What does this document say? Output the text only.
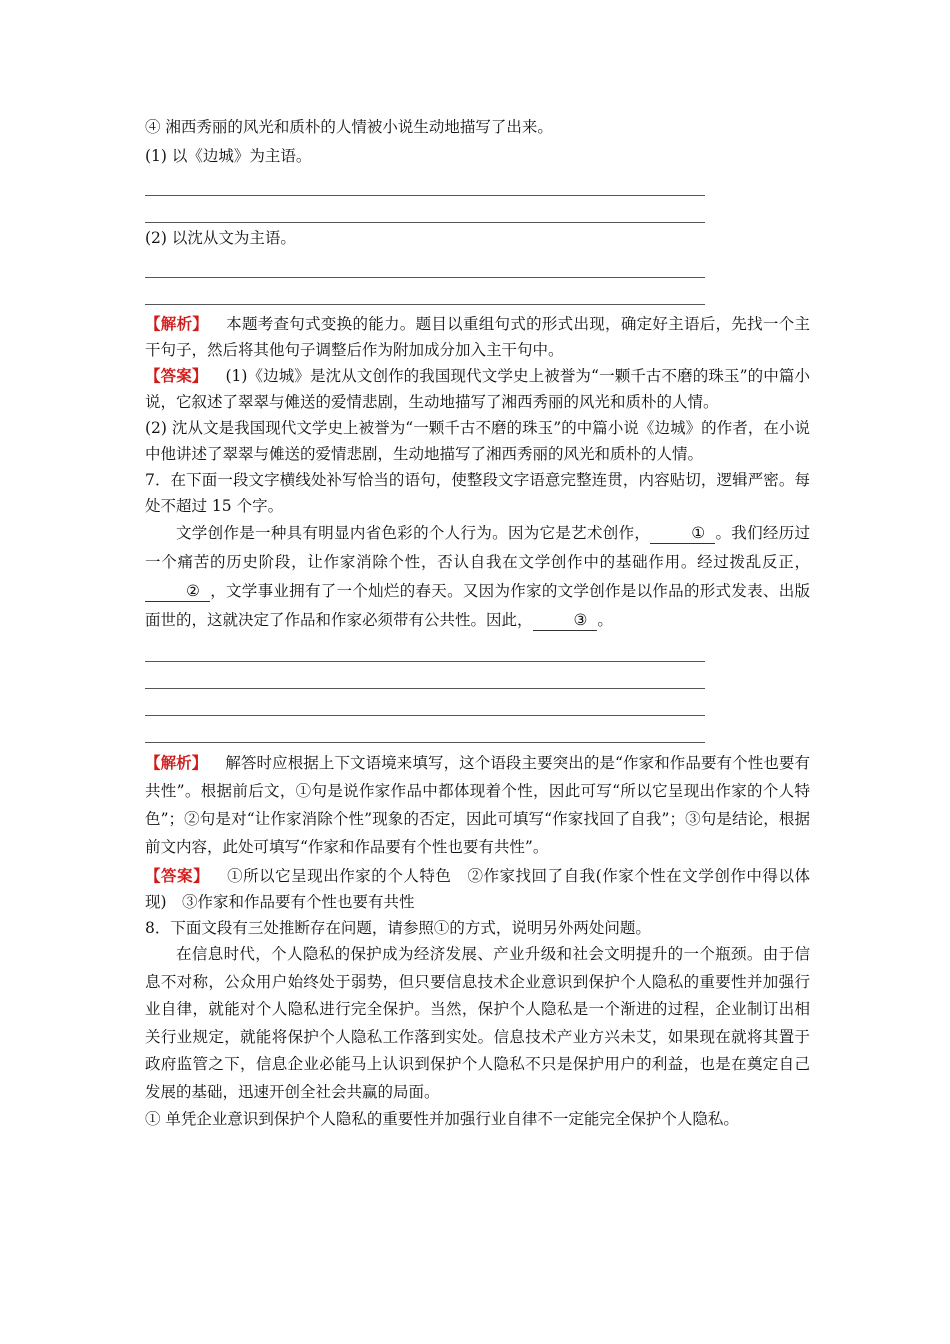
④ 湘西秀丽的风光和质朴的人情被小说生动地描写了出来。
(1) 以《边城》为主语。
(2) 以沈从文为主语。
【解析】 本题考查句式变换的能力。题目以重组句式的形式出现，确定好主语后，先找一个主干句子，然后将其他句子调整后作为附加成分加入主干句中。
【答案】 (1)《边城》是沈从文创作的我国现代文学史上被誉为“一颗千古不磨的珠玉”的中篇小说，它叙述了翠翠与傩送的爱情悲剧，生动地描写了湘西秀丽的风光和质朴的人情。
(2) 沈从文是我国现代文学史上被誉为“一颗千古不磨的珠玉”的中篇小说《边城》的作者，在小说中他讲述了翠翠与傩送的爱情悲剧，生动地描写了湘西秀丽的风光和质朴的人情。
7．在下面一段文字横线处补写恰当的语句，使整段文字语意完整连贯，内容贴切，逻辑严密。每处不超过 15 个字。
文学创作是一种具有明显内省色彩的个人行为。因为它是艺术创作，	① 。我们经历过一个痛苦的历史阶段，让作家消除个性，否认自我在文学创作中的基础作用。经过拨乱反正，② ，文学事业拥有了一个灿烂的春天。又因为作家的文学创作是以作品的形式发表、出版面世的，这就决定了作品和作家必须带有公共性。因此，	③ 。
【解析】 解答时应根据上下文语境来填写，这个语段主要突出的是“作家和作品要有个性也要有共性”。根据前后文，①句是说作家作品中都体现着个性，因此可写“所以它呈现出作家的个人特色”；②句是对“让作家消除个性”现象的否定，因此可填写“作家找回了自我”；③句是结论，根据前文内容，此处可填写“作家和作品要有个性也要有共性”。
【答案】 ①所以它呈现出作家的个人特色　②作家找回了自我(作家个性在文学创作中得以体现)　③作家和作品要有个性也要有共性
8．下面文段有三处推断存在问题，请参照①的方式，说明另外两处问题。
在信息时代，个人隐私的保护成为经济发展、产业升级和社会文明提升的一个瓶颈。由于信息不对称，公众用户始终处于弱势，但只要信息技术企业意识到保护个人隐私的重要性并加强行业自律，就能对个人隐私进行完全保护。当然，保护个人隐私是一个渐进的过程，企业制订出相关行业规定，就能将保护个人隐私工作落到实处。信息技术产业方兴未艾，如果现在就将其置于政府监管之下，信息企业必能马上认识到保护个人隐私不只是保护用户的利益，也是在奠定自己发展的基础，迅速开创全社会共赢的局面。
① 单凭企业意识到保护个人隐私的重要性并加强行业自律不一定能完全保护个人隐私。
